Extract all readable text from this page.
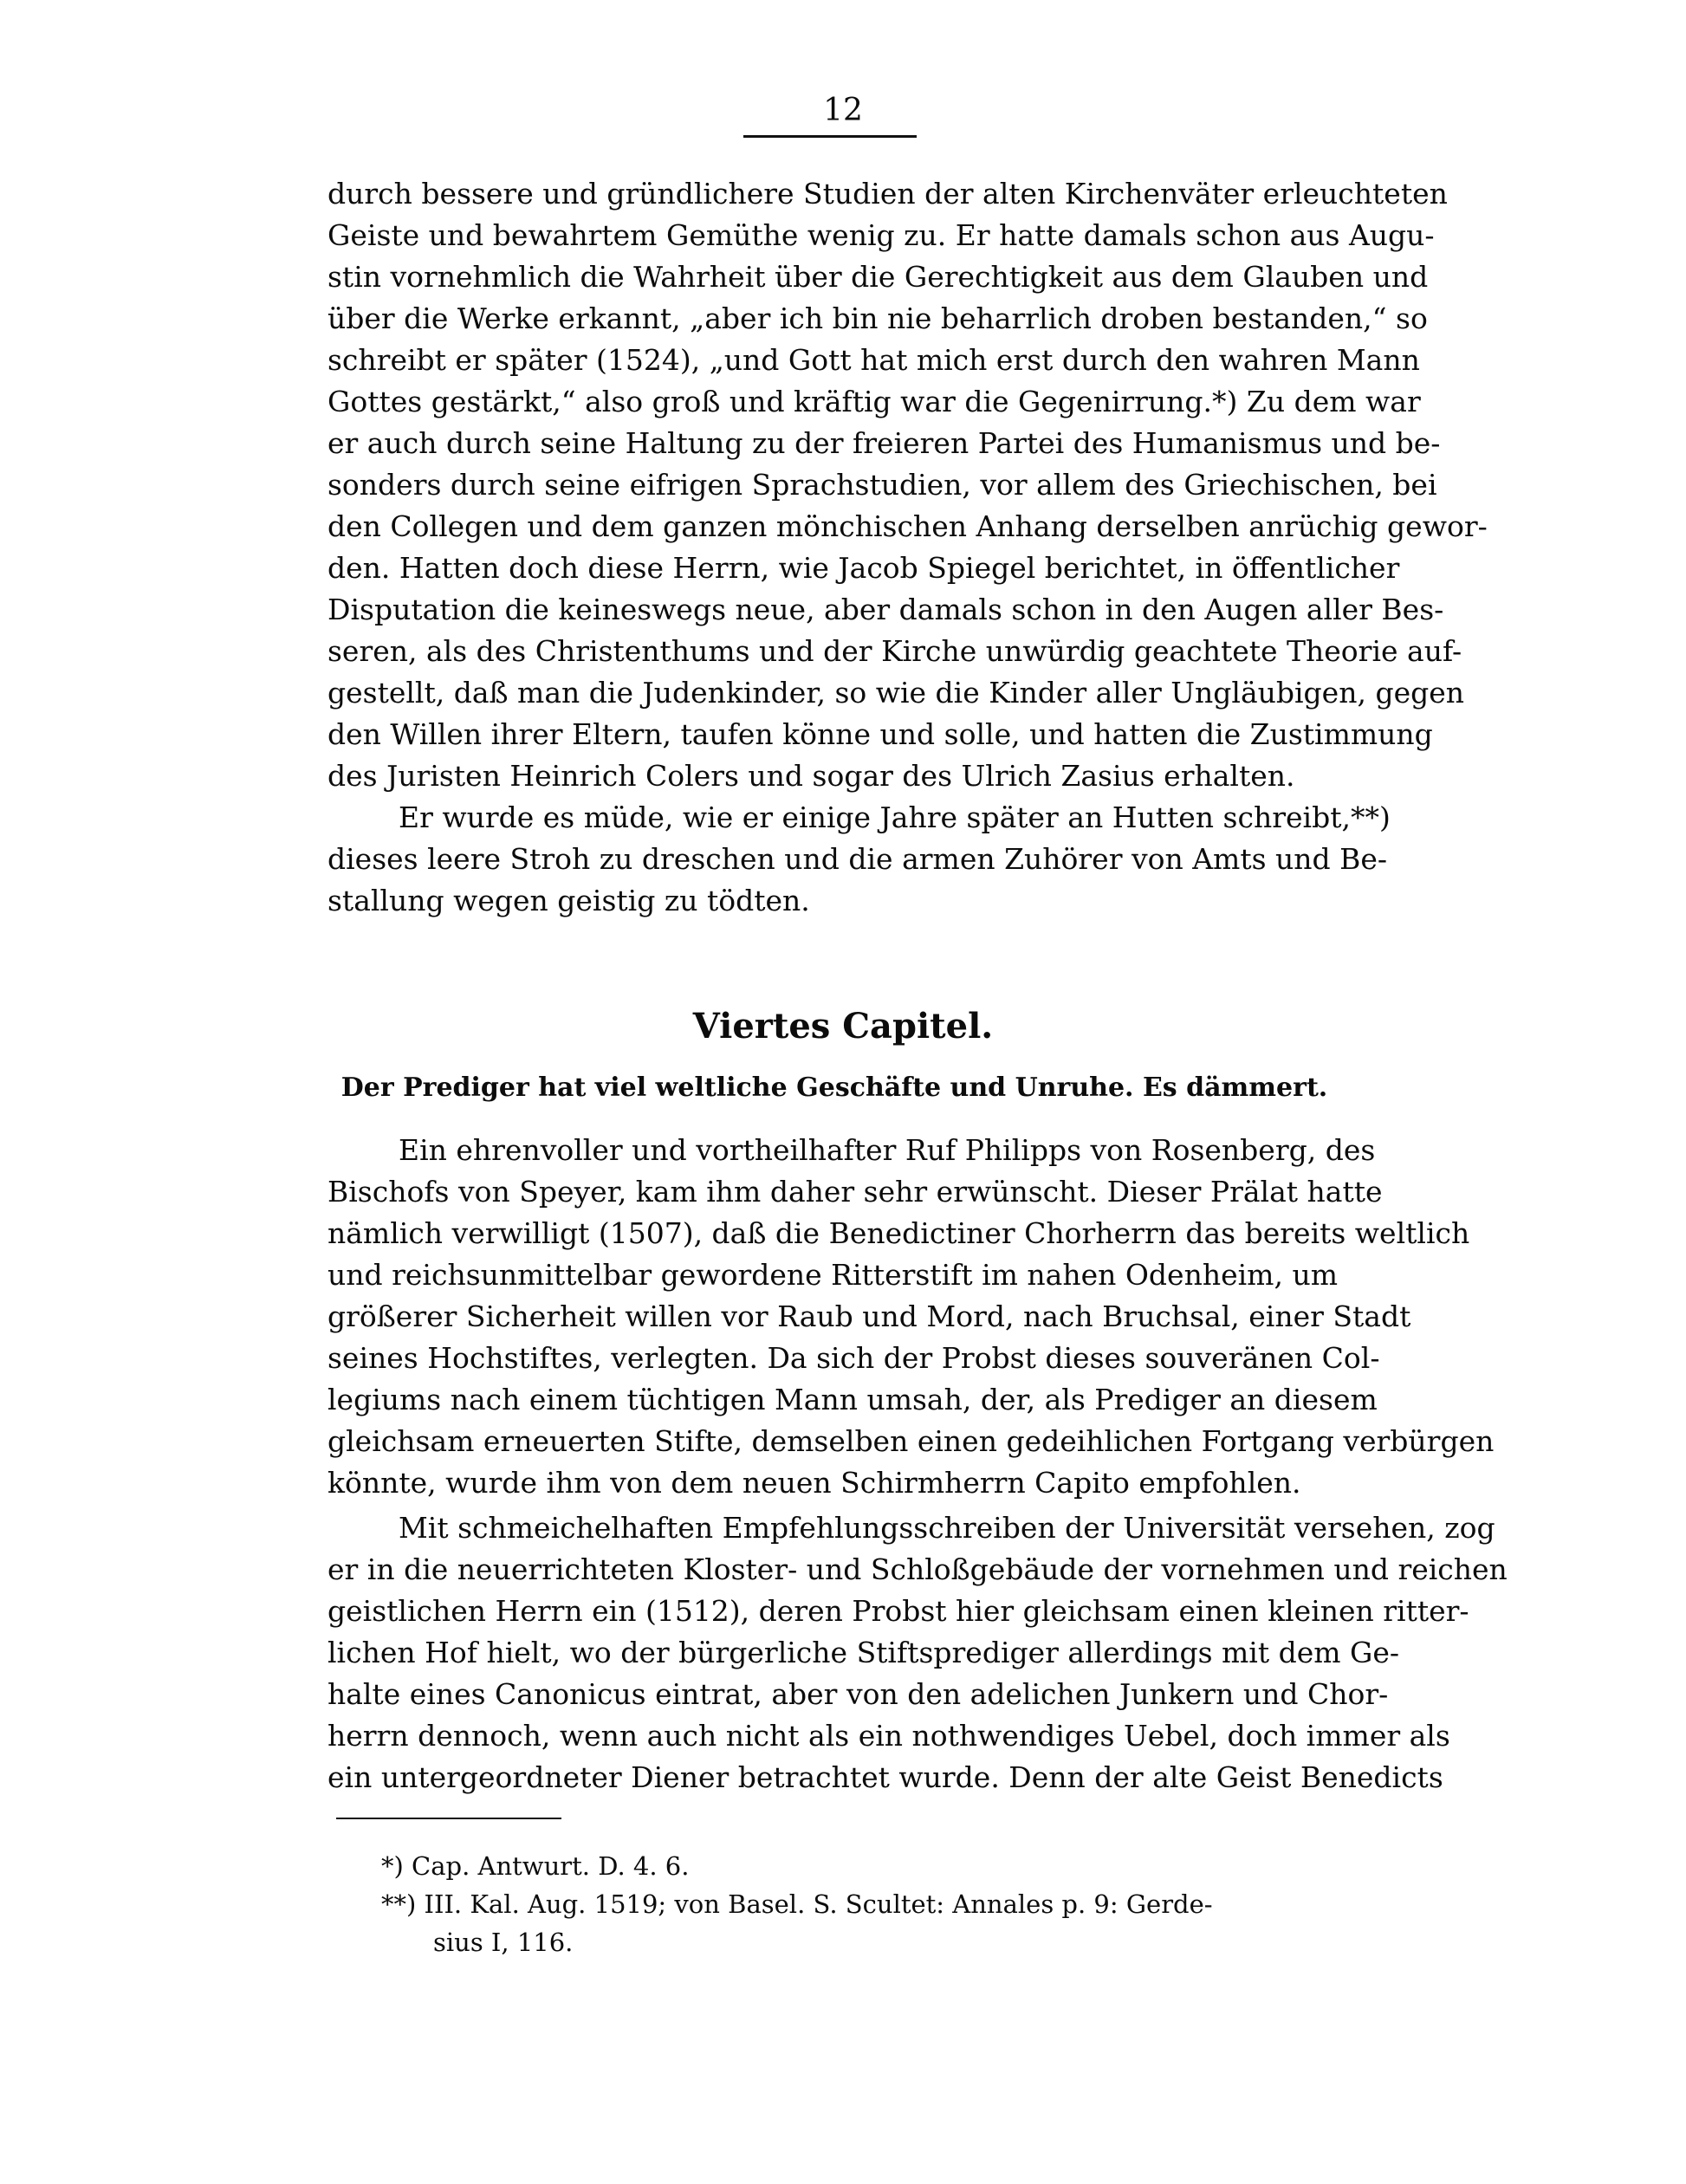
12
durch bessere und gründlichere Studien der alten Kirchenväter erleuchteten
Geiste und bewahrtem Gemüthe wenig zu. Er hatte damals schon aus Augu-
stin vornehmlich die Wahrheit über die Gerechtigkeit aus dem Glauben und
über die Werke erkannt, „aber ich bin nie beharrlich droben bestanden,“ so
schreibt er später (1524), „und Gott hat mich erst durch den wahren Mann
Gottes gestärkt,“ also groß und kräftig war die Gegenirrung.*) Zu dem war
er auch durch seine Haltung zu der freieren Partei des Humanismus und be-
sonders durch seine eifrigen Sprachstudien, vor allem des Griechischen, bei
den Collegen und dem ganzen mönchischen Anhang derselben anrüchig gewor-
den. Hatten doch diese Herrn, wie Jacob Spiegel berichtet, in öffentlicher
Disputation die keineswegs neue, aber damals schon in den Augen aller Bes-
seren, als des Christenthums und der Kirche unwürdig geachtete Theorie auf-
gestellt, daß man die Judenkinder, so wie die Kinder aller Ungläubigen, gegen
den Willen ihrer Eltern, taufen könne und solle, und hatten die Zustimmung
des Juristen Heinrich Colers und sogar des Ulrich Zasius erhalten.
Er wurde es müde, wie er einige Jahre später an Hutten schreibt,**)
dieses leere Stroh zu dreschen und die armen Zuhörer von Amts und Be-
stallung wegen geistig zu tödten.
Viertes Capitel.
Der Prediger hat viel weltliche Geschäfte und Unruhe. Es dämmert.
Ein ehrenvoller und vortheilhafter Ruf Philipps von Rosenberg, des
Bischofs von Speyer, kam ihm daher sehr erwünscht. Dieser Prälat hatte
nämlich verwilligt (1507), daß die Benedictiner Chorherrn das bereits weltlich
und reichsunmittelbar gewordene Ritterstift im nahen Odenheim, um
größerer Sicherheit willen vor Raub und Mord, nach Bruchsal, einer Stadt
seines Hochstiftes, verlegten. Da sich der Probst dieses souveränen Col-
legiums nach einem tüchtigen Mann umsah, der, als Prediger an diesem
gleichsam erneuerten Stifte, demselben einen gedeihlichen Fortgang verbürgen
könnte, wurde ihm von dem neuen Schirmherrn Capito empfohlen.
Mit schmeichelhaften Empfehlungsschreiben der Universität versehen, zog
er in die neuerrichteten Kloster- und Schloßgebäude der vornehmen und reichen
geistlichen Herrn ein (1512), deren Probst hier gleichsam einen kleinen ritter-
lichen Hof hielt, wo der bürgerliche Stiftsprediger allerdings mit dem Ge-
halte eines Canonicus eintrat, aber von den adelichen Junkern und Chor-
herrn dennoch, wenn auch nicht als ein nothwendiges Uebel, doch immer als
ein untergeordneter Diener betrachtet wurde. Denn der alte Geist Benedicts
*) Cap. Antwurt. D. 4. 6.
**) III. Kal. Aug. 1519; von Basel. S. Scultet: Annales p. 9: Gerde-
sius I, 116.
